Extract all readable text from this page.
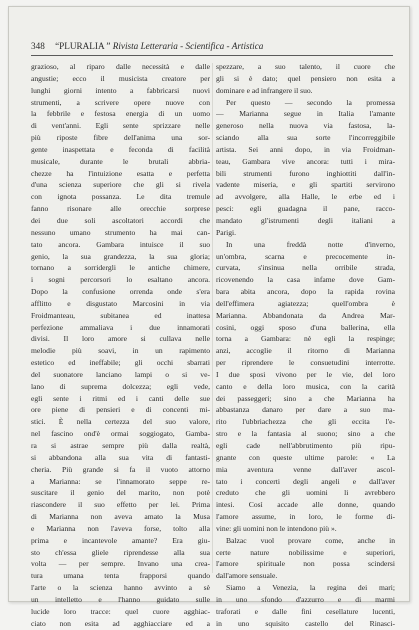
348 “PLURALIA ” Rivista Letteraria - Scientifica - Artistica
grazioso, al riparo dalle necessità e dalle
angustie; ecco il musicista creatore per
lunghi giorni intento a fabbricarsi nuovi
strumenti, a scrivere opere nuove con
la febbrile e festosa energia di un uomo
di vent'anni. Egli sente sprizzare nelle
più riposte fibre dell'anima una sor-
gente inaspettata e feconda di facilità
musicale, durante le brutali abbria-
chezze ha l'intuizione esatta e perfetta
d'una scienza superiore che gli si rivela
con ignota possanza. Le dita tremule
fanno risonare alle orecchie sorprese
dei due soli ascoltatori accordi che
nessuno umano strumento ha mai can-
tato ancora. Gambara intuisce il suo
genio, la sua grandezza, la sua gloria;
tornano a sorridergli le antiche chimere,
i sogni percorsori lo esaltano ancora.
Dopo la confusione orrenda onde s'era
afflitto e disgustato Marcosini in via
Froidmanteau, subitanea ed inattesa
perfezione ammaliava i due innamorati
divisi. Il loro amore si cullava nelle
melodie più soavi, in un rapimento
estetico ed ineffabile; gli occhi sbarrati
del suonatore lanciano lampi o si ve-
lano di suprema dolcezza; egli vede,
egli sente i ritmi ed i canti delle sue
ore piene di pensieri e di concenti mi-
stici. È nella certezza del suo valore,
nel fascino ond'è ormai soggiogato, Gamba-
ra si astrae sempre più dalla realtà,
si abbandona alla sua vita di fantasti-
cheria. Più grande si fa il vuoto attorno
a Marianna: se l'innamorato seppe re-
suscitare il genio del marito, non potè
riascondere il suo effetto per lei. Prima
di Marianna non aveva amato la Musa
e Marianna non l'aveva forse, tolto alla
prima e incantevole amante? Era giu-
sto ch'essa gliele riprendesse alla sua
volta — per sempre. Invano una crea-
tura umana tenta frapporsi quando
l'arte o la scienza hanno avvinto a sè
un intelletto e l'hanno guidato sulle
lucide loro tracce: quel cuore agghiac-
ciato non esita ad agghiacciare ed a
spezzare, a suo talento, il cuore che
gli si è dato; quel pensiero non esita a
dominare e ad infrangere il suo.
Per questo — secondo la promessa
— Marianna segue in Italia l'amante
generoso nella nuova via fastosa, la-
sciando alla sua sorte l'incorreggibile
artista. Sei anni dopo, in via Froidman-
teau, Gambara vive ancora: tutti i mira-
bili strumenti furono inghiottiti dall'in-
vadente miseria, e gli spartiti servirono
ad avvolgere, alla Halle, le erbe ed i
pesci: egli guadagna il pane, racco-
mandato gl'istrumenti degli italiani a
Parigi.
In una freddà notte d'inverno,
un'ombra, scarna e precocemente in-
curvata, s'insinua nella orribile strada,
ricovenendo la casa infame dove Gam-
bara abita ancora, dopo la rapida rovina
dell'effimera agiatezza; quell'ombra è
Marianna. Abbandonata da Andrea Mar-
cosini, oggi sposo d'una ballerina, ella
torna a Gambara: nè egli la respinge;
anzi, accoglie il ritorno di Marianna
per riprendere le consuetudini interrotte.
I due sposi vivono per le vie, del loro
canto e della loro musica, con la carità
dei passeggeri; sino a che Marianna ha
abbastanza danaro per dare a suo ma-
rito l'ubbriachezza che gli eccita l'e-
stro e la fantasia al suono; sino a che
egli cade nell'abbrutimento più ripu-
gnante con queste ultime parole: « La
mia aventura venne dall'aver ascol-
tato i concerti degli angeli e dall'aver
creduto che gli uomini li avrebbero
intesi. Così accade alle donne, quando
l'amore assume, in loro, le forme di-
vine: gli uomini non le intendono più ».
Balzac vuol provare come, anche in
certe nature nobilissime e superiori,
l'amore spirituale non possa scindersi
dall'amore sensuale.
Siamo a Venezia, la regina dei mari;
in uno sfondo d'azzurro e di marmi
traforati e dalle fini cesellature lucenti,
in uno squisito castello del Rinasci-
